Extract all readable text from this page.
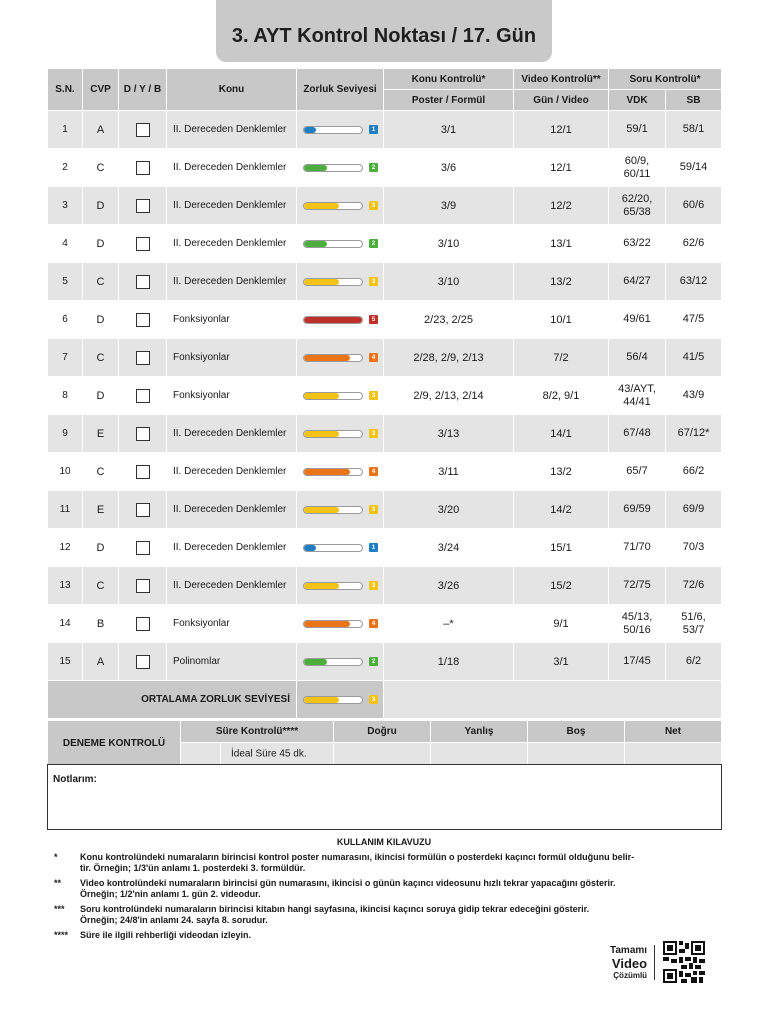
3. AYT Kontrol Noktası / 17. Gün
S.N.	CVP	D / Y / B	Konu	Zorluk Seviyesi	Konu Kontrolü*	Video Kontrolü**	Soru Kontrolü*	
					Poster / Formül	Gün / Video	VDK	SB
1	A		II. Dereceden Denklemler	1	3/1	12/1	59/1	58/1
2	C		II. Dereceden Denklemler	2	3/6	12/1	60/9,
60/11	59/14
3	D		II. Dereceden Denklemler	3	3/9	12/2	62/20,
65/38	60/6
4	D		II. Dereceden Denklemler	2	3/10	13/1	63/22	62/6
5	C		II. Dereceden Denklemler	3	3/10	13/2	64/27	63/12
6	D		Fonksiyonlar	5	2/23, 2/25	10/1	49/61	47/5
7	C		Fonksiyonlar	4	2/28, 2/9, 2/13	7/2	56/4	41/5
8	D		Fonksiyonlar	3	2/9, 2/13, 2/14	8/2, 9/1	43/AYT,
44/41	43/9
9	E		II. Dereceden Denklemler	3	3/13	14/1	67/48	67/12*
10	C		II. Dereceden Denklemler	4	3/11	13/2	65/7	66/2
11	E		II. Dereceden Denklemler	3	3/20	14/2	69/59	69/9
12	D		II. Dereceden Denklemler	1	3/24	15/1	71/70	70/3
13	C		II. Dereceden Denklemler	3	3/26	15/2	72/75	72/6
14	B		Fonksiyonlar	4	–*	9/1	45/13,
50/16	51/6,
53/7
15	A		Polinomlar	2	1/18	3/1	17/45	6/2
ORTALAMA ZORLUK SEVİYESİ				3				

DENEME KONTROLÜ	Süre Kontrolü****	Doğru	Yanlış	Boş	Net
	İdeal Süre 45 dk.				
Notlarım:
KULLANIM KILAVUZU
*	Konu kontrolündeki numaraların birincisi kontrol poster numarasını, ikincisi formülün o posterdeki kaçıncı formül olduğunu belir-
tir. Örneğin; 1/3'ün anlamı 1. posterdeki 3. formüldür.
**	Video kontrolündeki numaraların birincisi gün numarasını, ikincisi o günün kaçıncı videosunu hızlı tekrar yapacağını gösterir.
Örneğin; 1/2'nin anlamı 1. gün 2. videodur.
***	Soru kontrolündeki numaraların birincisi kitabın hangi sayfasına, ikincisi kaçıncı soruya gidip tekrar edeceğini gösterir.
Örneğin; 24/8'in anlamı 24. sayfa 8. sorudur.
****	Süre ile ilgili rehberliği videodan izleyin.
Tamamı
Video
Çözümlü
